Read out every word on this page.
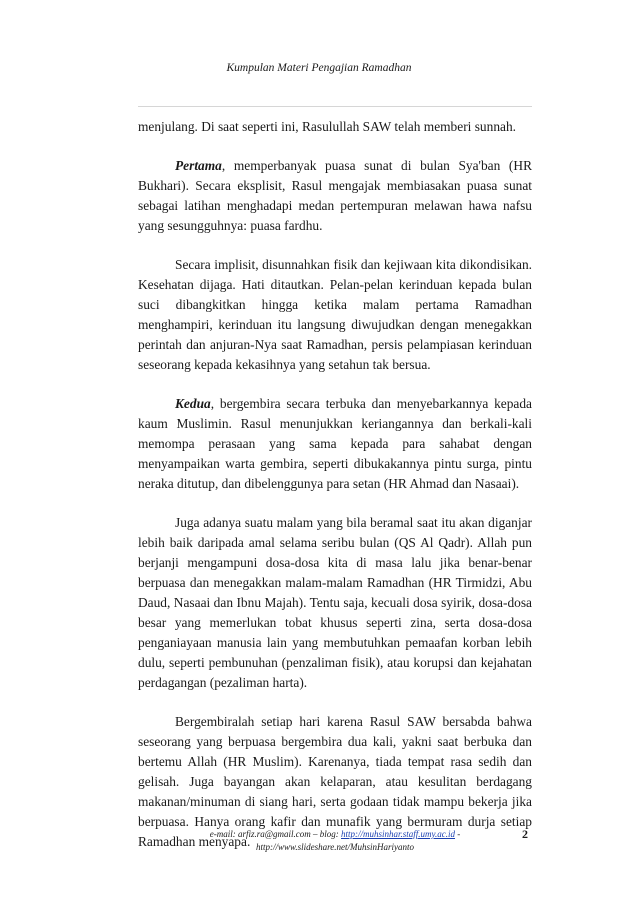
Kumpulan Materi Pengajian Ramadhan

menjulang. Di saat seperti ini, Rasulullah SAW telah memberi sunnah.

Pertama, memperbanyak puasa sunat di bulan Sya'ban (HR Bukhari). Secara eksplisit, Rasul mengajak membiasakan puasa sunat sebagai latihan menghadapi medan pertempuran melawan hawa nafsu yang sesungguhnya: puasa fardhu.

Secara implisit, disunnahkan fisik dan kejiwaan kita dikondisikan. Kesehatan dijaga. Hati ditautkan. Pelan-pelan kerinduan kepada bulan suci dibangkitkan hingga ketika malam pertama Ramadhan menghampiri, kerinduan itu langsung diwujudkan dengan menegakkan perintah dan anjuran-Nya saat Ramadhan, persis pelampiasan kerinduan seseorang kepada kekasihnya yang setahun tak bersua.

Kedua, bergembira secara terbuka dan menyebarkannya kepada kaum Muslimin. Rasul menunjukkan keriangannya dan berkali-kali memompa perasaan yang sama kepada para sahabat dengan menyampaikan warta gembira, seperti dibukakannya pintu surga, pintu neraka ditutup, dan dibelenggunya para setan (HR Ahmad dan Nasaai).

Juga adanya suatu malam yang bila beramal saat itu akan diganjar lebih baik daripada amal selama seribu bulan (QS Al Qadr). Allah pun berjanji mengampuni dosa-dosa kita di masa lalu jika benar-benar berpuasa dan menegakkan malam-malam Ramadhan (HR Tirmidzi, Abu Daud, Nasaai dan Ibnu Majah). Tentu saja, kecuali dosa syirik, dosa-dosa besar yang memerlukan tobat khusus seperti zina, serta dosa-dosa penganiayaan manusia lain yang membutuhkan pemaafan korban lebih dulu, seperti pembunuhan (penzaliman fisik), atau korupsi dan kejahatan perdagangan (pezaliman harta).

Bergembiralah setiap hari karena Rasul SAW bersabda bahwa seseorang yang berpuasa bergembira dua kali, yakni saat berbuka dan bertemu Allah (HR Muslim). Karenanya, tiada tempat rasa sedih dan gelisah. Juga bayangan akan kelaparan, atau kesulitan berdagang makanan/minuman di siang hari, serta godaan tidak mampu bekerja jika berpuasa. Hanya orang kafir dan munafik yang bermuram durja setiap Ramadhan menyapa.

e-mail: arfiz.ra@gmail.com – blog: http://muhsinhar.staff.umy.ac.id -
http://www.slideshare.net/MuhsinHariyanto
2
